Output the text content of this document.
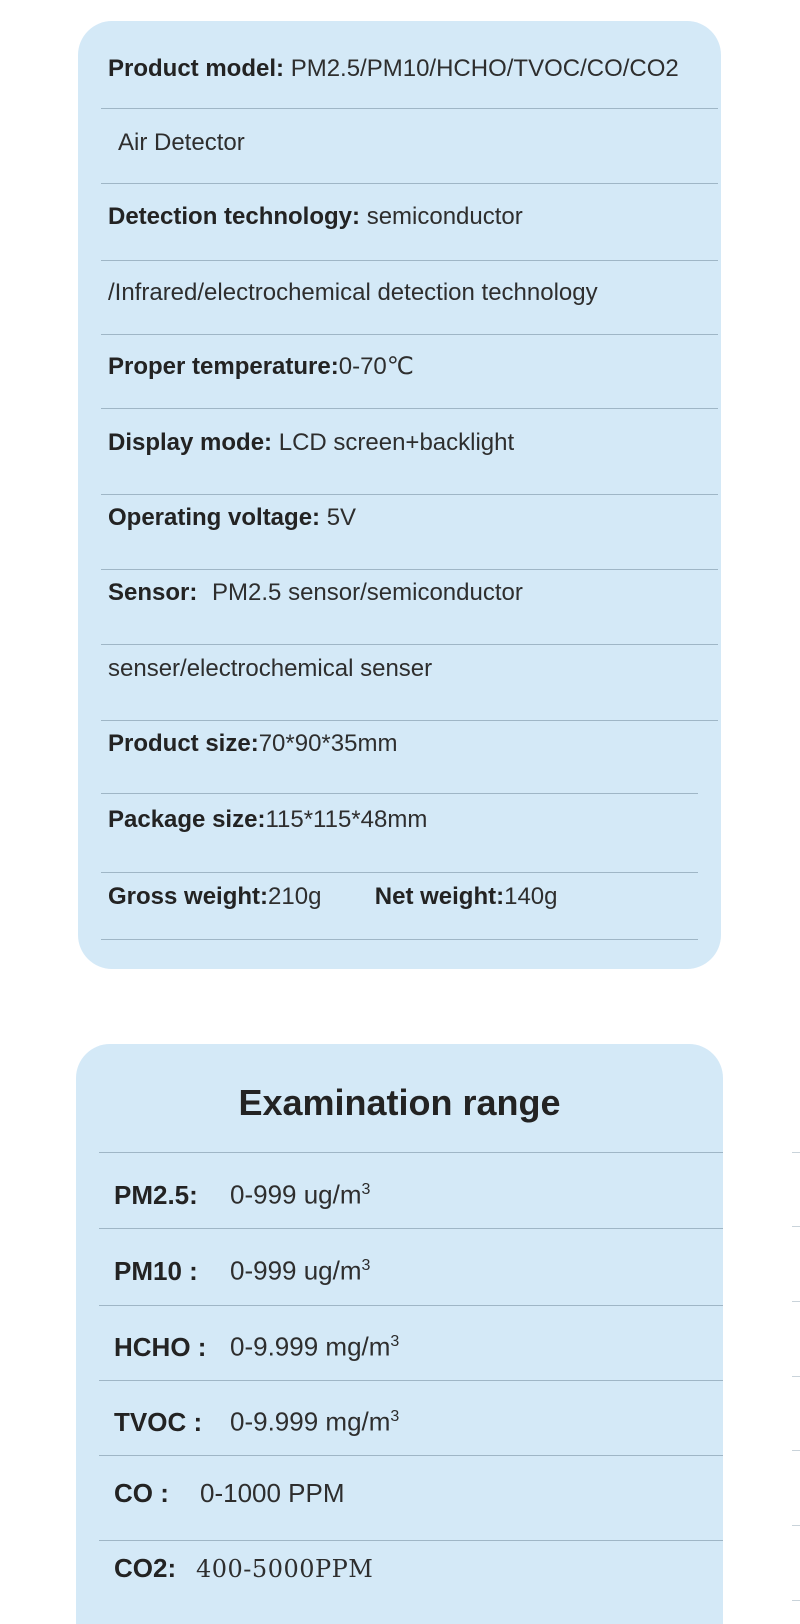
Product model: PM2.5/PM10/HCHO/TVOC/CO/CO2
Air Detector
Detection technology: semiconductor
/Infrared/electrochemical detection technology
Proper temperature:0-70℃
Display mode: LCD screen+backlight
Operating voltage: 5V
Sensor: PM2.5 sensor/semiconductor
senser/electrochemical senser
Product size:70*90*35mm
Package size:115*115*48mm
Gross weight:210g Net weight:140g
Examination range
PM2.5: 0-999 $ug/m^3$
PM10 : 0-999 $ug/m^3$
HCHO : 0-9.999 $mg/m^3$
TVOC : 0-9.999 $mg/m^3$
CO : 0-1000 PPM
CO2: 400-5000PPM
